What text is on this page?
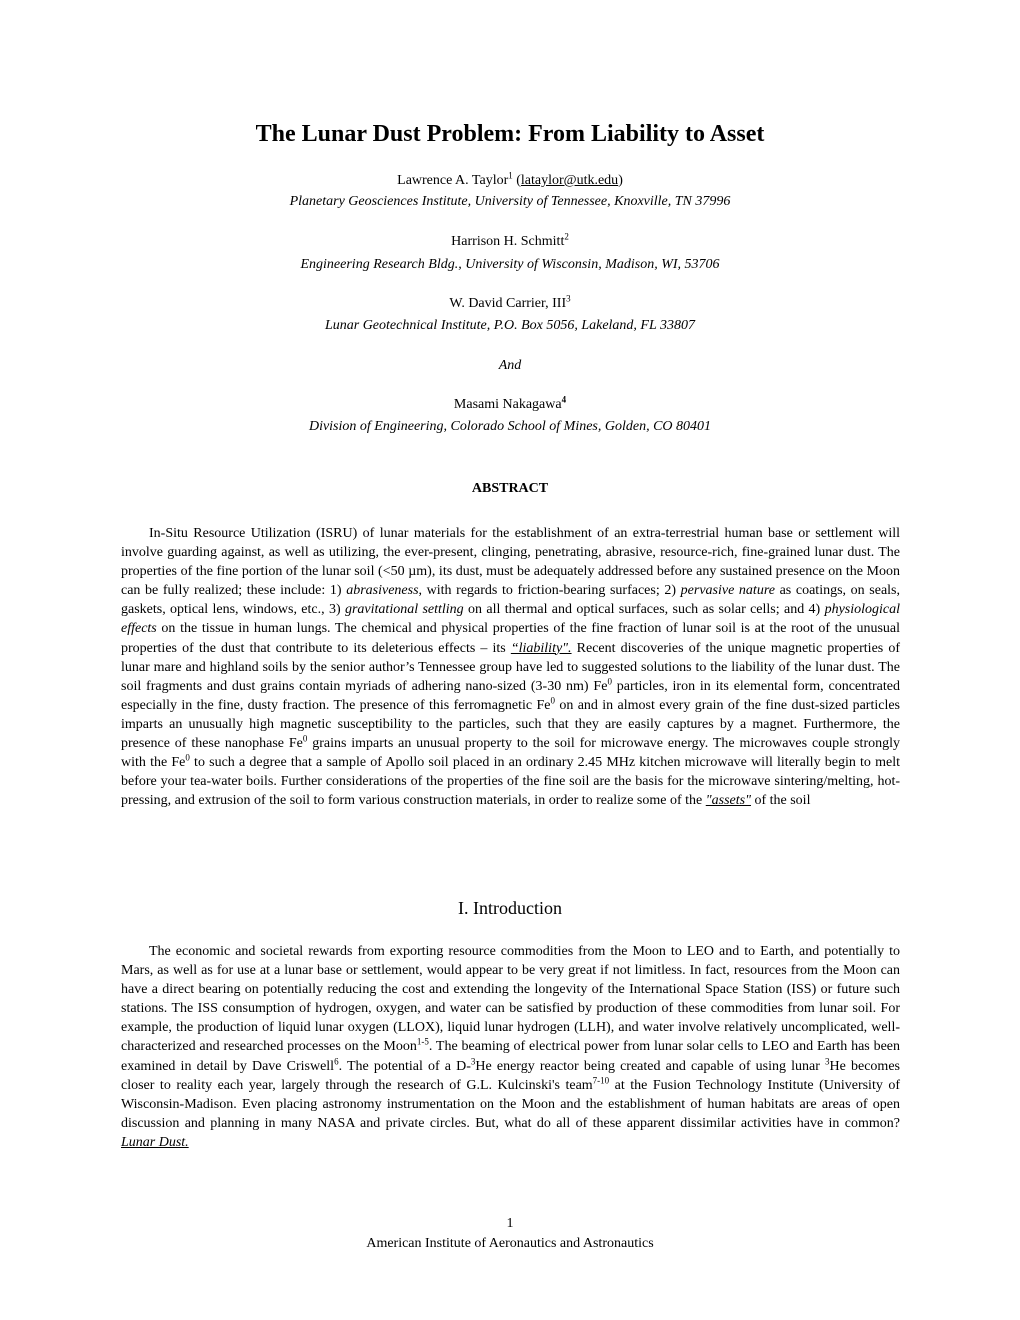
The Lunar Dust Problem: From Liability to Asset
Lawrence A. Taylor$^1$ (lataylor@utk.edu)
Planetary Geosciences Institute, University of Tennessee, Knoxville, TN 37996
Harrison H. Schmitt$^2$
Engineering Research Bldg., University of Wisconsin, Madison, WI, 53706
W. David Carrier, III$^3$
Lunar Geotechnical Institute, P.O. Box 5056, Lakeland, FL 33807
And
Masami Nakagawa$^4$
Division of Engineering, Colorado School of Mines, Golden, CO 80401
ABSTRACT

In-Situ Resource Utilization (ISRU) of lunar materials for the establishment of an extra-terrestrial human base or settlement will involve guarding against, as well as utilizing, the ever-present, clinging, penetrating, abrasive, resource-rich, fine-grained lunar dust. The properties of the fine portion of the lunar soil (<50 µm), its dust, must be adequately addressed before any sustained presence on the Moon can be fully realized; these include: 1) abrasiveness, with regards to friction-bearing surfaces; 2) pervasive nature as coatings, on seals, gaskets, optical lens, windows, etc., 3) gravitational settling on all thermal and optical surfaces, such as solar cells; and 4) physiological effects on the tissue in human lungs. The chemical and physical properties of the fine fraction of lunar soil is at the root of the unusual properties of the dust that contribute to its deleterious effects – its “liability". Recent discoveries of the unique magnetic properties of lunar mare and highland soils by the senior author’s Tennessee group have led to suggested solutions to the liability of the lunar dust. The soil fragments and dust grains contain myriads of adhering nano-sized (3-30 nm) Fe$^0$ particles, iron in its elemental form, concentrated especially in the fine, dusty fraction. The presence of this ferromagnetic Fe$^0$ on and in almost every grain of the fine dust-sized particles imparts an unusually high magnetic susceptibility to the particles, such that they are easily captures by a magnet. Furthermore, the presence of these nanophase Fe$^0$ grains imparts an unusual property to the soil for microwave energy. The microwaves couple strongly with the Fe$^0$ to such a degree that a sample of Apollo soil placed in an ordinary 2.45 MHz kitchen microwave will literally begin to melt before your tea-water boils. Further considerations of the properties of the fine soil are the basis for the microwave sintering/melting, hot-pressing, and extrusion of the soil to form various construction materials, in order to realize some of the "assets" of the soil

I. Introduction

The economic and societal rewards from exporting resource commodities from the Moon to LEO and to Earth, and potentially to Mars, as well as for use at a lunar base or settlement, would appear to be very great if not limitless. In fact, resources from the Moon can have a direct bearing on potentially reducing the cost and extending the longevity of the International Space Station (ISS) or future such stations. The ISS consumption of hydrogen, oxygen, and water can be satisfied by production of these commodities from lunar soil. For example, the production of liquid lunar oxygen (LLOX), liquid lunar hydrogen (LLH), and water involve relatively uncomplicated, well-characterized and researched processes on the Moon$^{1-5}$. The beaming of electrical power from lunar solar cells to LEO and Earth has been examined in detail by Dave Criswell$^6$. The potential of a D-$^3$He energy reactor being created and capable of using lunar $^3$He becomes closer to reality each year, largely through the research of G.L. Kulcinski's team$^{7-10}$ at the Fusion Technology Institute (University of Wisconsin-Madison. Even placing astronomy instrumentation on the Moon and the establishment of human habitats are areas of open discussion and planning in many NASA and private circles. But, what do all of these apparent dissimilar activities have in common? Lunar Dust.

1
American Institute of Aeronautics and Astronautics
